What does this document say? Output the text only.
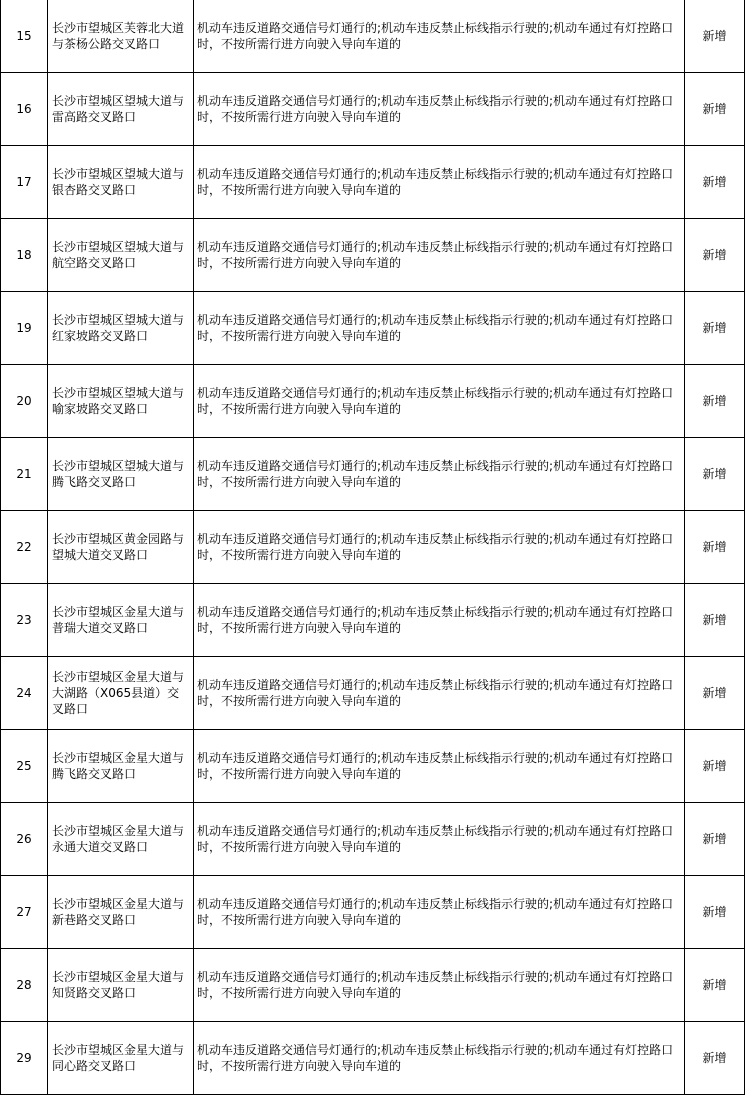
15	长沙市望城区芙蓉北大道与茶杨公路交叉路口	机动车违反道路交通信号灯通行的;机动车违反禁止标线指示行驶的;机动车通过有灯控路口时，不按所需行进方向驶入导向车道的	新增
16	长沙市望城区望城大道与雷高路交叉路口	机动车违反道路交通信号灯通行的;机动车违反禁止标线指示行驶的;机动车通过有灯控路口时，不按所需行进方向驶入导向车道的	新增
17	长沙市望城区望城大道与银杏路交叉路口	机动车违反道路交通信号灯通行的;机动车违反禁止标线指示行驶的;机动车通过有灯控路口时，不按所需行进方向驶入导向车道的	新增
18	长沙市望城区望城大道与航空路交叉路口	机动车违反道路交通信号灯通行的;机动车违反禁止标线指示行驶的;机动车通过有灯控路口时，不按所需行进方向驶入导向车道的	新增
19	长沙市望城区望城大道与红家坡路交叉路口	机动车违反道路交通信号灯通行的;机动车违反禁止标线指示行驶的;机动车通过有灯控路口时，不按所需行进方向驶入导向车道的	新增
20	长沙市望城区望城大道与喻家坡路交叉路口	机动车违反道路交通信号灯通行的;机动车违反禁止标线指示行驶的;机动车通过有灯控路口时，不按所需行进方向驶入导向车道的	新增
21	长沙市望城区望城大道与腾飞路交叉路口	机动车违反道路交通信号灯通行的;机动车违反禁止标线指示行驶的;机动车通过有灯控路口时，不按所需行进方向驶入导向车道的	新增
22	长沙市望城区黄金园路与望城大道交叉路口	机动车违反道路交通信号灯通行的;机动车违反禁止标线指示行驶的;机动车通过有灯控路口时，不按所需行进方向驶入导向车道的	新增
23	长沙市望城区金星大道与普瑞大道交叉路口	机动车违反道路交通信号灯通行的;机动车违反禁止标线指示行驶的;机动车通过有灯控路口时，不按所需行进方向驶入导向车道的	新增
24	长沙市望城区金星大道与大湖路（X065县道）交叉路口	机动车违反道路交通信号灯通行的;机动车违反禁止标线指示行驶的;机动车通过有灯控路口时，不按所需行进方向驶入导向车道的	新增
25	长沙市望城区金星大道与腾飞路交叉路口	机动车违反道路交通信号灯通行的;机动车违反禁止标线指示行驶的;机动车通过有灯控路口时，不按所需行进方向驶入导向车道的	新增
26	长沙市望城区金星大道与永通大道交叉路口	机动车违反道路交通信号灯通行的;机动车违反禁止标线指示行驶的;机动车通过有灯控路口时，不按所需行进方向驶入导向车道的	新增
27	长沙市望城区金星大道与新巷路交叉路口	机动车违反道路交通信号灯通行的;机动车违反禁止标线指示行驶的;机动车通过有灯控路口时，不按所需行进方向驶入导向车道的	新增
28	长沙市望城区金星大道与知贤路交叉路口	机动车违反道路交通信号灯通行的;机动车违反禁止标线指示行驶的;机动车通过有灯控路口时，不按所需行进方向驶入导向车道的	新增
29	长沙市望城区金星大道与同心路交叉路口	机动车违反道路交通信号灯通行的;机动车违反禁止标线指示行驶的;机动车通过有灯控路口时，不按所需行进方向驶入导向车道的	新增
